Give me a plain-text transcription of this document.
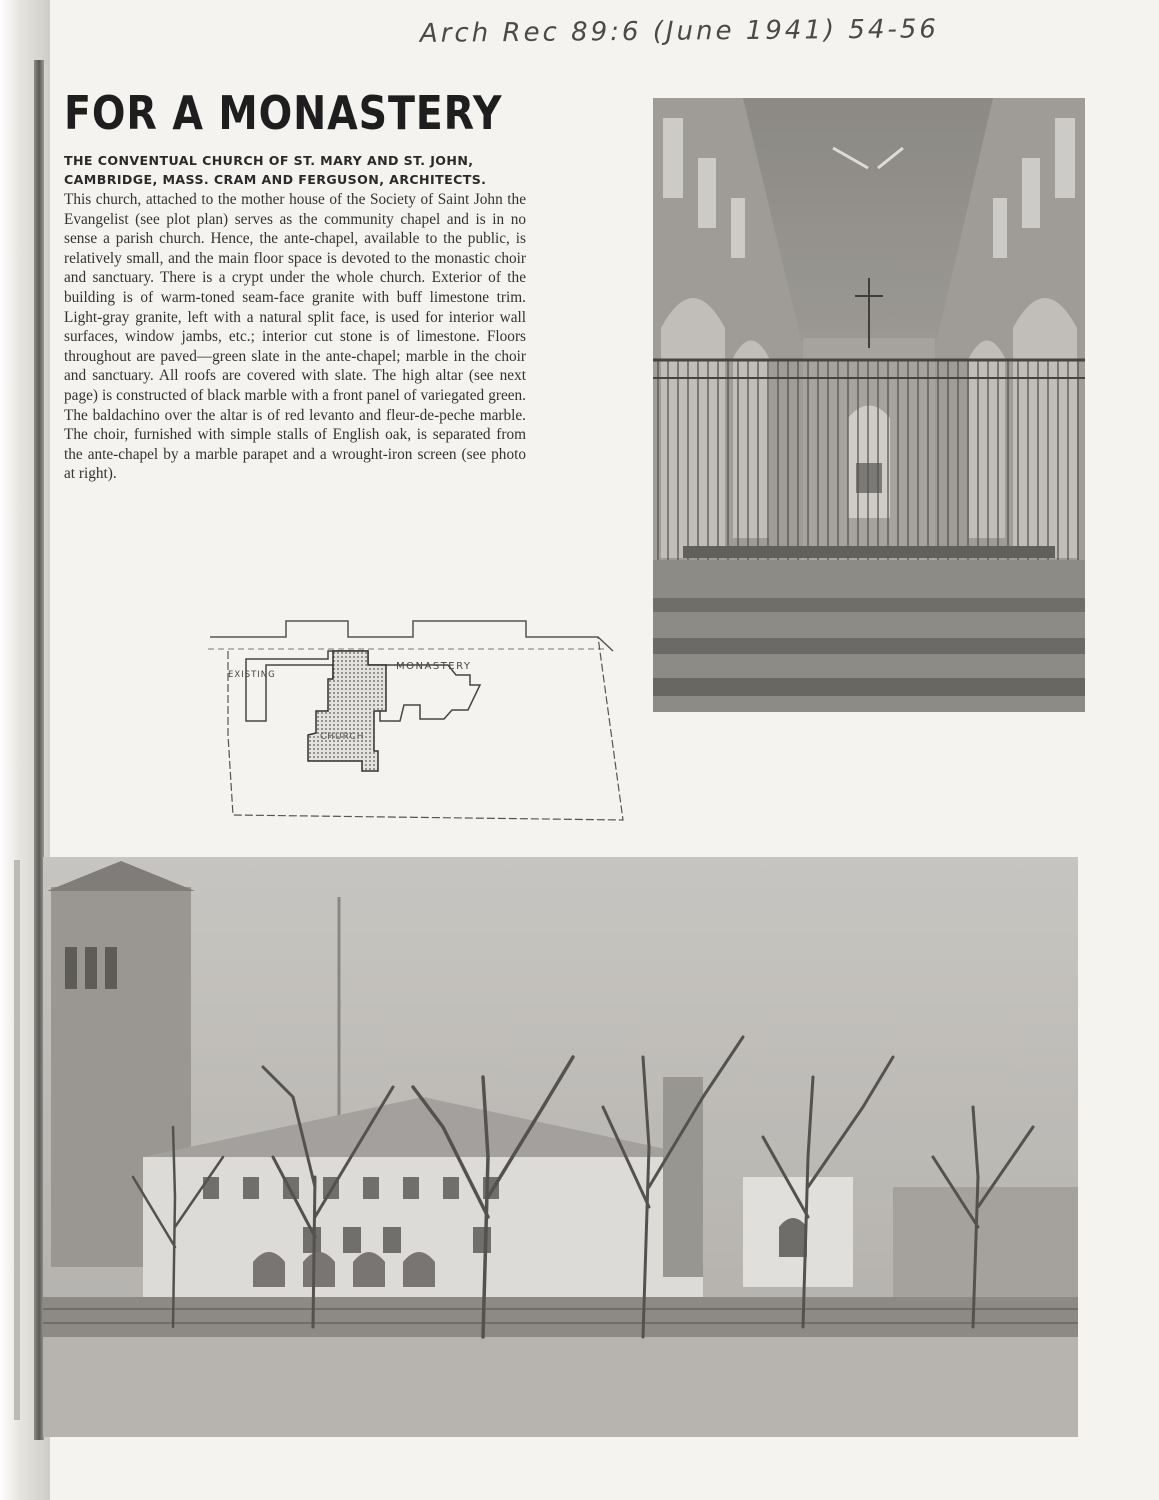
Arch Rec 89:6 (June 1941) 54-56
FOR A MONASTERY
THE CONVENTUAL CHURCH OF ST. MARY AND ST. JOHN, CAMBRIDGE, MASS. CRAM AND FERGUSON, ARCHITECTS.
This church, attached to the mother house of the Society of Saint John the Evangelist (see plot plan) serves as the community chapel and is in no sense a parish church. Hence, the ante-chapel, available to the public, is relatively small, and the main floor space is devoted to the monastic choir and sanctuary. There is a crypt under the whole church. Exterior of the building is of warm-toned seam-face granite with buff limestone trim. Light-gray granite, left with a natural split face, is used for interior wall surfaces, window jambs, etc.; interior cut stone is of limestone. Floors throughout are paved—green slate in the ante-chapel; marble in the choir and sanctuary. All roofs are covered with slate. The high altar (see next page) is constructed of black marble with a front panel of variegated green. The baldachino over the altar is of red levanto and fleur-de-peche marble. The choir, furnished with simple stalls of English oak, is separated from the ante-chapel by a marble parapet and a wrought-iron screen (see photo at right).
EXISTING
MONASTERY
CHURCH
